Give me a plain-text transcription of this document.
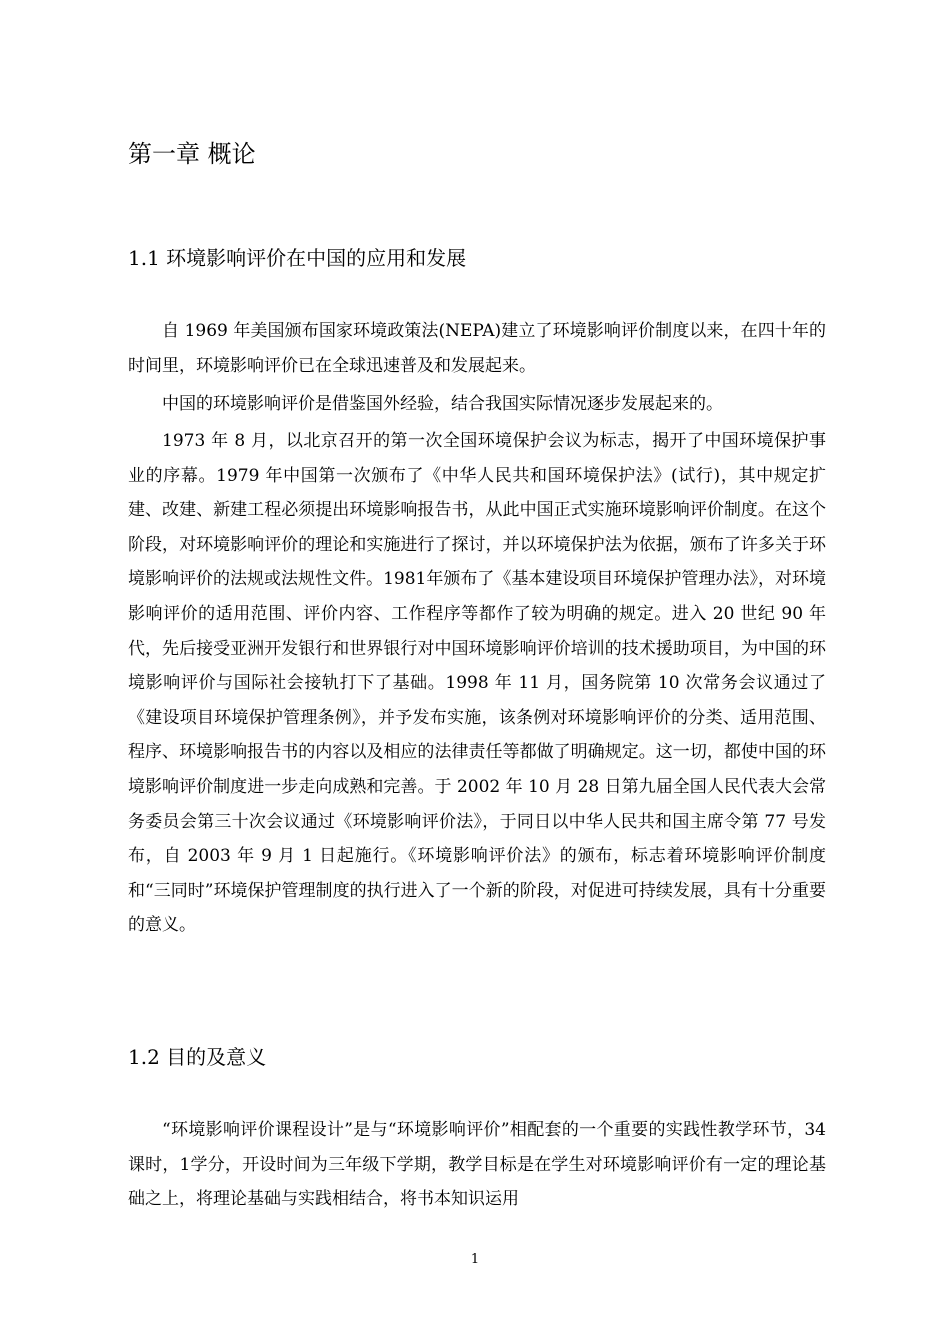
第一章 概论
1.1 环境影响评价在中国的应用和发展

自 1969 年美国颁布国家环境政策法(NEPA)建立了环境影响评价制度以来，在四十年的时间里，环境影响评价已在全球迅速普及和发展起来。

中国的环境影响评价是借鉴国外经验，结合我国实际情况逐步发展起来的。

1973 年 8 月，以北京召开的第一次全国环境保护会议为标志，揭开了中国环境保护事业的序幕。1979 年中国第一次颁布了《中华人民共和国环境保护法》(试行)，其中规定扩建、改建、新建工程必须提出环境影响报告书，从此中国正式实施环境影响评价制度。在这个阶段，对环境影响评价的理论和实施进行了探讨，并以环境保护法为依据，颁布了许多关于环境影响评价的法规或法规性文件。1981年颁布了《基本建设项目环境保护管理办法》，对环境影响评价的适用范围、评价内容、工作程序等都作了较为明确的规定。进入 20 世纪 90 年代，先后接受亚洲开发银行和世界银行对中国环境影响评价培训的技术援助项目，为中国的环境影响评价与国际社会接轨打下了基础。1998 年 11 月，国务院第 10 次常务会议通过了《建设项目环境保护管理条例》，并予发布实施，该条例对环境影响评价的分类、适用范围、程序、环境影响报告书的内容以及相应的法律责任等都做了明确规定。这一切，都使中国的环境影响评价制度进一步走向成熟和完善。于 2002 年 10 月 28 日第九届全国人民代表大会常务委员会第三十次会议通过《环境影响评价法》，于同日以中华人民共和国主席令第 77 号发布，自 2003 年 9 月 1 日起施行。《环境影响评价法》的颁布，标志着环境影响评价制度和“三同时”环境保护管理制度的执行进入了一个新的阶段，对促进可持续发展，具有十分重要的意义。

1.2 目的及意义

“环境影响评价课程设计”是与“环境影响评价”相配套的一个重要的实践性教学环节，34课时，1学分，开设时间为三年级下学期，教学目标是在学生对环境影响评价有一定的理论基础之上，将理论基础与实践相结合，将书本知识运用

1
